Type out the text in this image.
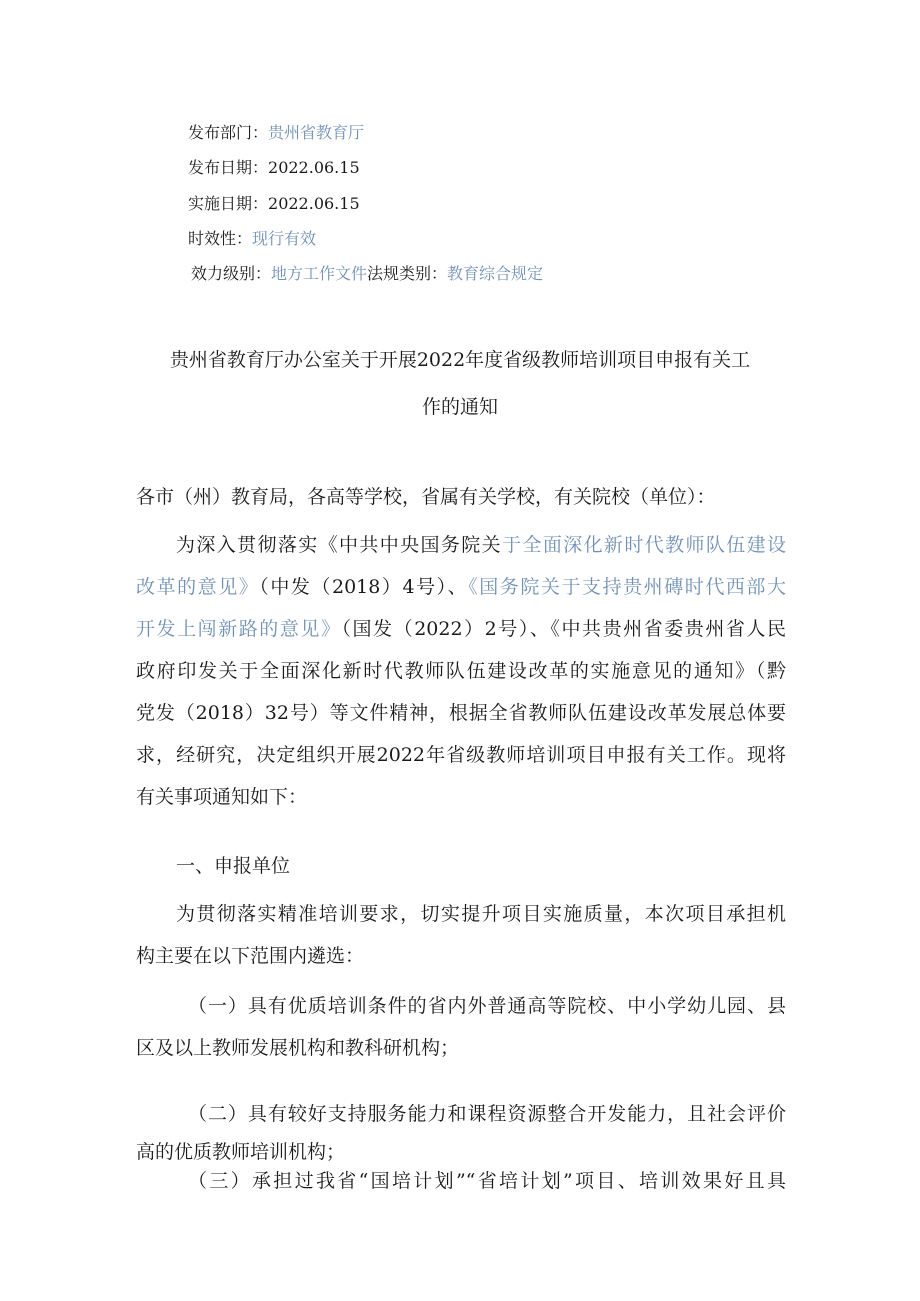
发布部门：贵州省教育厅
发布日期：2022.06.15
实施日期：2022.06.15
时效性：现行有效
效力级别：地方工作文件法规类别：教育综合规定
贵州省教育厅办公室关于开展2022年度省级教师培训项目申报有关工
作的通知
各市（州）教育局，各高等学校，省属有关学校，有关院校（单位）：
为深入贯彻落实《中共中央国务院关于全面深化新时代教师队伍建设
改革的意见》（中发（2018）4号）、《国务院关于支持贵州磚时代西部大
开发上闯新路的意见》（国发（2022）2号）、《中共贵州省委贵州省人民
政府印发关于全面深化新时代教师队伍建设改革的实施意见的通知》（黔
党发（2018）32号）等文件精神，根据全省教师队伍建设改革发展总体要
求，经研究，决定组织开展2022年省级教师培训项目申报有关工作。现将
有关事项通知如下：
一、申报单位
为贯彻落实精准培训要求，切实提升项目实施质量，本次项目承担机
构主要在以下范围内遴选：
（一）具有优质培训条件的省内外普通高等院校、中小学幼儿园、县
区及以上教师发展机构和教科研机构；
（二）具有较好支持服务能力和课程资源整合开发能力，且社会评价
高的优质教师培训机构；
（三）承担过我省“国培计划”“省培计划”项目、培训效果好且具
